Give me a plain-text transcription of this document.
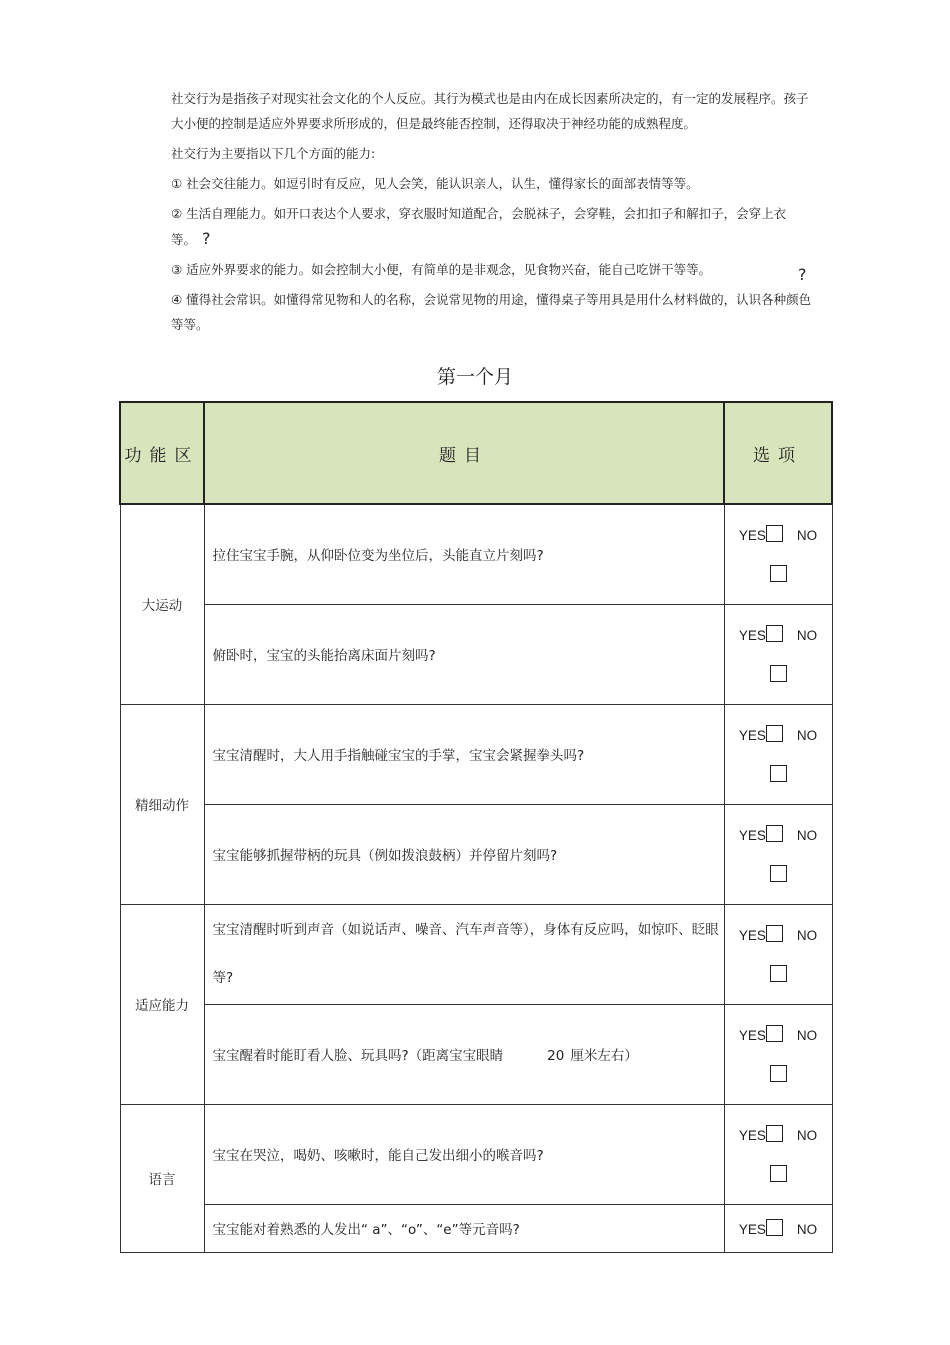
社交行为是指孩子对现实社会文化的个人反应。其行为模式也是由内在成长因素所决定的，有一定的发展程序。孩子大小便的控制是适应外界要求所形成的，但是最终能否控制，还得取决于神经功能的成熟程度。

社交行为主要指以下几个方面的能力:

① 社会交往能力。如逗引时有反应，见人会笑，能认识亲人，认生，懂得家长的面部表情等等。

② 生活自理能力。如开口表达个人要求，穿衣服时知道配合，会脱袜子，会穿鞋，会扣扣子和解扣子，会穿上衣等。 ?

③ 适应外界要求的能力。如会控制大小便，有简单的是非观念，见食物兴奋，能自己吃饼干等等。

④ 懂得社会常识。如懂得常见物和人的名称，会说常见物的用途，懂得桌子等用具是用什么材料做的，认识各种颜色等等。

?
第一个月
功能区	题目	选项
大运动	拉住宝宝手腕，从仰卧位变为坐位后，头能直立片刻吗?	YES NO

	俯卧时，宝宝的头能抬离床面片刻吗?	YES NO

精细动作	宝宝清醒时，大人用手指触碰宝宝的手掌，宝宝会紧握拳头吗?	YES NO

	宝宝能够抓握带柄的玩具（例如拨浪鼓柄）并停留片刻吗?	YES NO

适应能力	宝宝清醒时听到声音（如说话声、噪音、汽车声音等），身体有反应吗，如惊吓、眨眼等?	YES NO

	宝宝醒着时能盯看人脸、玩具吗?（距离宝宝眼睛 20 厘米左右）	YES NO

语言	宝宝在哭泣，喝奶、咳嗽时，能自己发出细小的喉音吗?	YES NO

	宝宝能对着熟悉的人发出“ a”、“o”、“e”等元音吗?	YES NO
